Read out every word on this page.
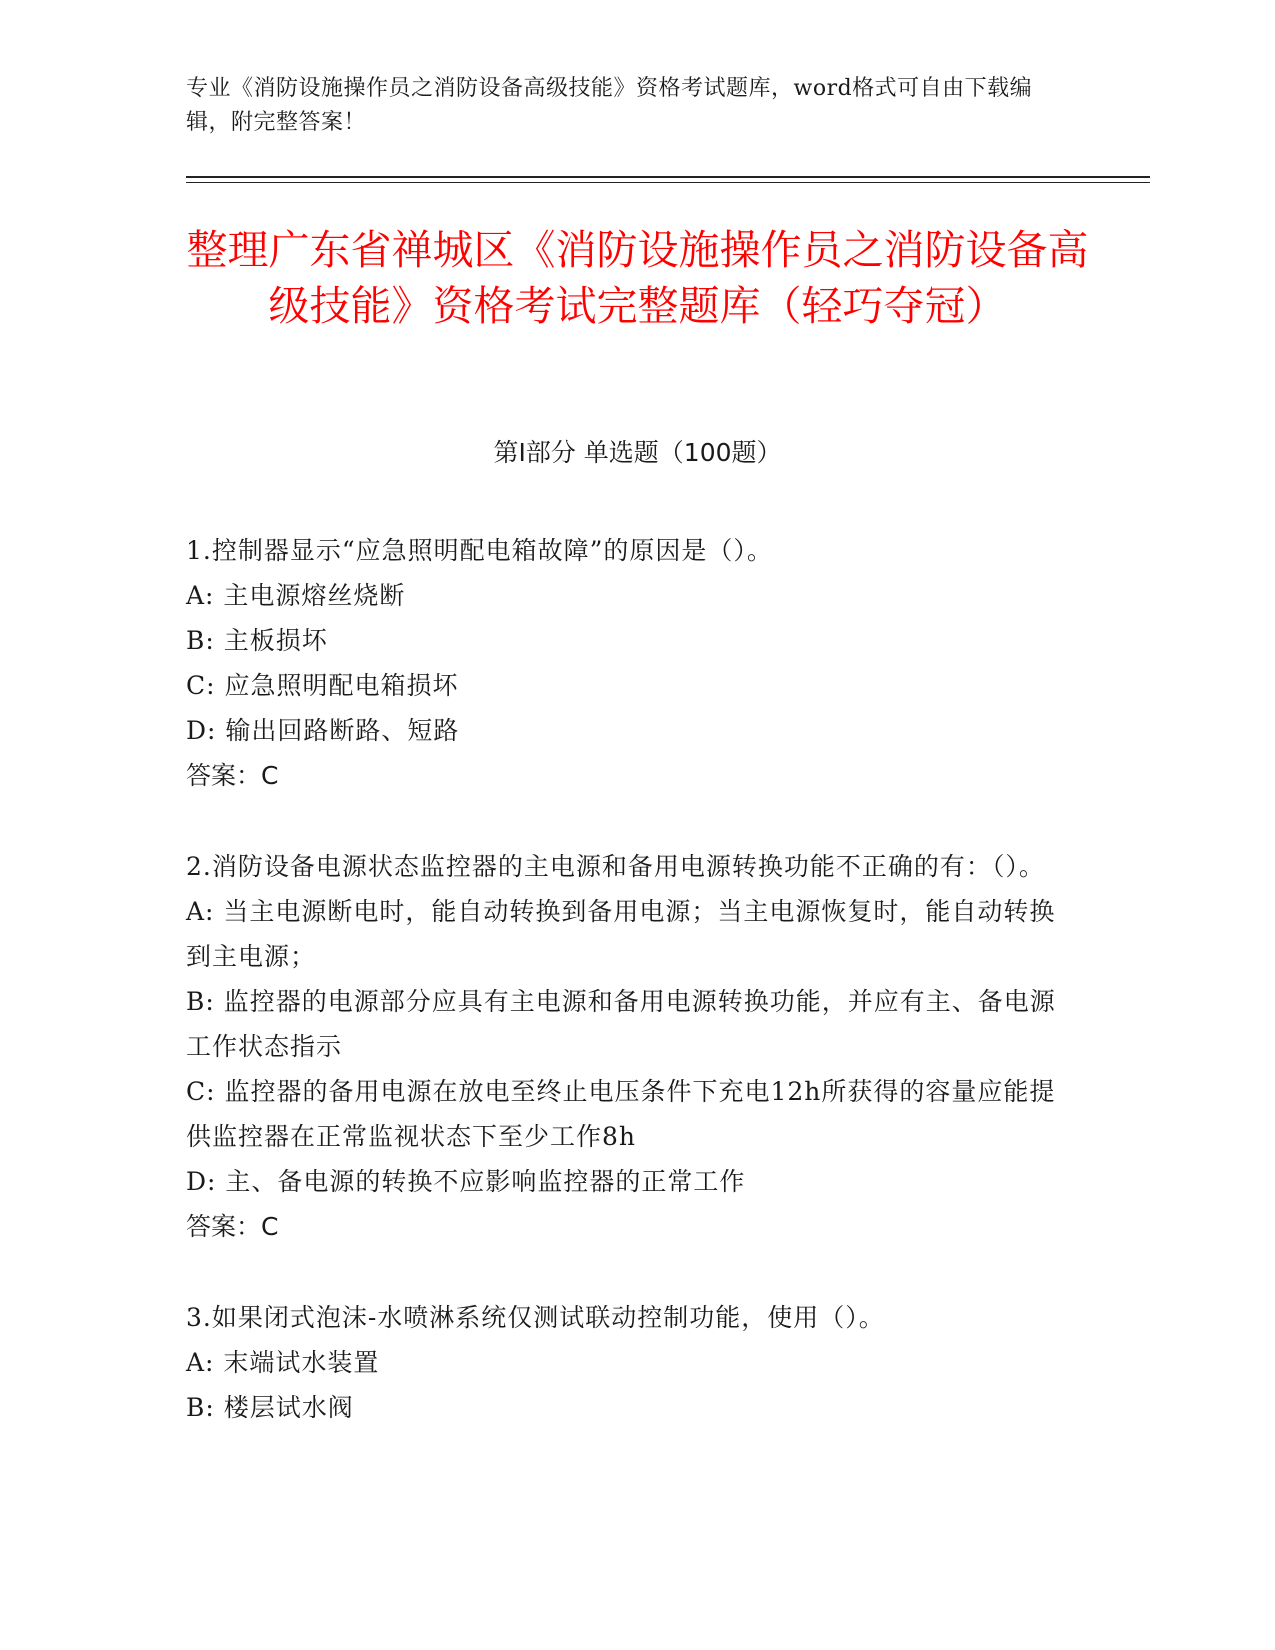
专业《消防设施操作员之消防设备高级技能》资格考试题库，word格式可自由下载编辑，附完整答案！
整理广东省禅城区《消防设施操作员之消防设备高级技能》资格考试完整题库（轻巧夺冠）
第I部分 单选题（100题）

1.控制器显示“应急照明配电箱故障”的原因是（）。

A: 主电源熔丝烧断

B: 主板损坏

C: 应急照明配电箱损坏

D: 输出回路断路、短路

答案：C

2.消防设备电源状态监控器的主电源和备用电源转换功能不正确的有：（）。

A: 当主电源断电时，能自动转换到备用电源；当主电源恢复时，能自动转换到主电源；

B: 监控器的电源部分应具有主电源和备用电源转换功能，并应有主、备电源工作状态指示

C: 监控器的备用电源在放电至终止电压条件下充电12h所获得的容量应能提供监控器在正常监视状态下至少工作8h

D: 主、备电源的转换不应影响监控器的正常工作

答案：C

3.如果闭式泡沫-水喷淋系统仅测试联动控制功能，使用（）。

A: 末端试水装置

B: 楼层试水阀
